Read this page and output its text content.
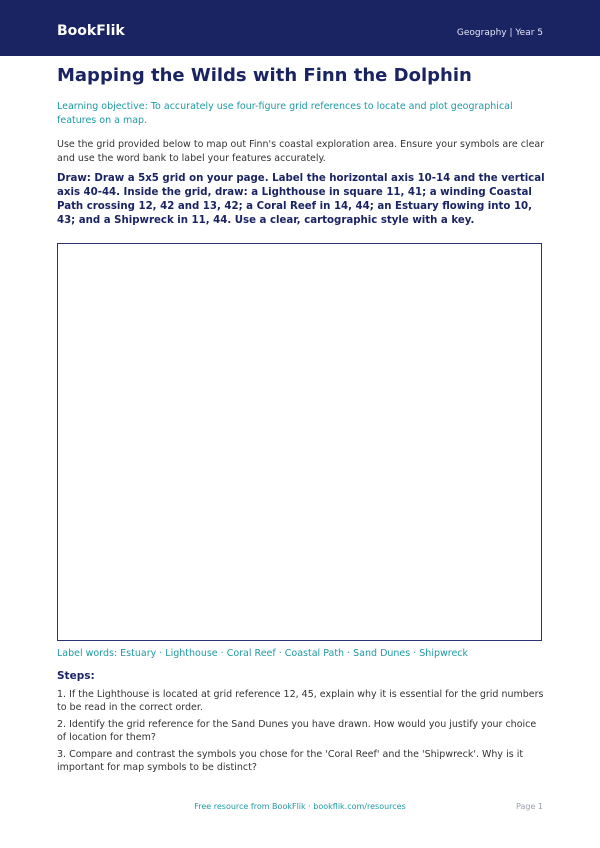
BookFlik	Geography | Year 5
Mapping the Wilds with Finn the Dolphin
Learning objective: To accurately use four-figure grid references to locate and plot geographical features on a map.
Use the grid provided below to map out Finn's coastal exploration area. Ensure your symbols are clear and use the word bank to label your features accurately.
Draw: Draw a 5x5 grid on your page. Label the horizontal axis 10-14 and the vertical axis 40-44. Inside the grid, draw: a Lighthouse in square 11, 41; a winding Coastal Path crossing 12, 42 and 13, 42; a Coral Reef in 14, 44; an Estuary flowing into 10, 43; and a Shipwreck in 11, 44. Use a clear, cartographic style with a key.
Label words: Estuary · Lighthouse · Coral Reef · Coastal Path · Sand Dunes · Shipwreck
Steps:
1. If the Lighthouse is located at grid reference 12, 45, explain why it is essential for the grid numbers to be read in the correct order.
2. Identify the grid reference for the Sand Dunes you have drawn. How would you justify your choice of location for them?
3. Compare and contrast the symbols you chose for the 'Coral Reef' and the 'Shipwreck'. Why is it important for map symbols to be distinct?
Free resource from BookFlik · bookflik.com/resources	Page 1
